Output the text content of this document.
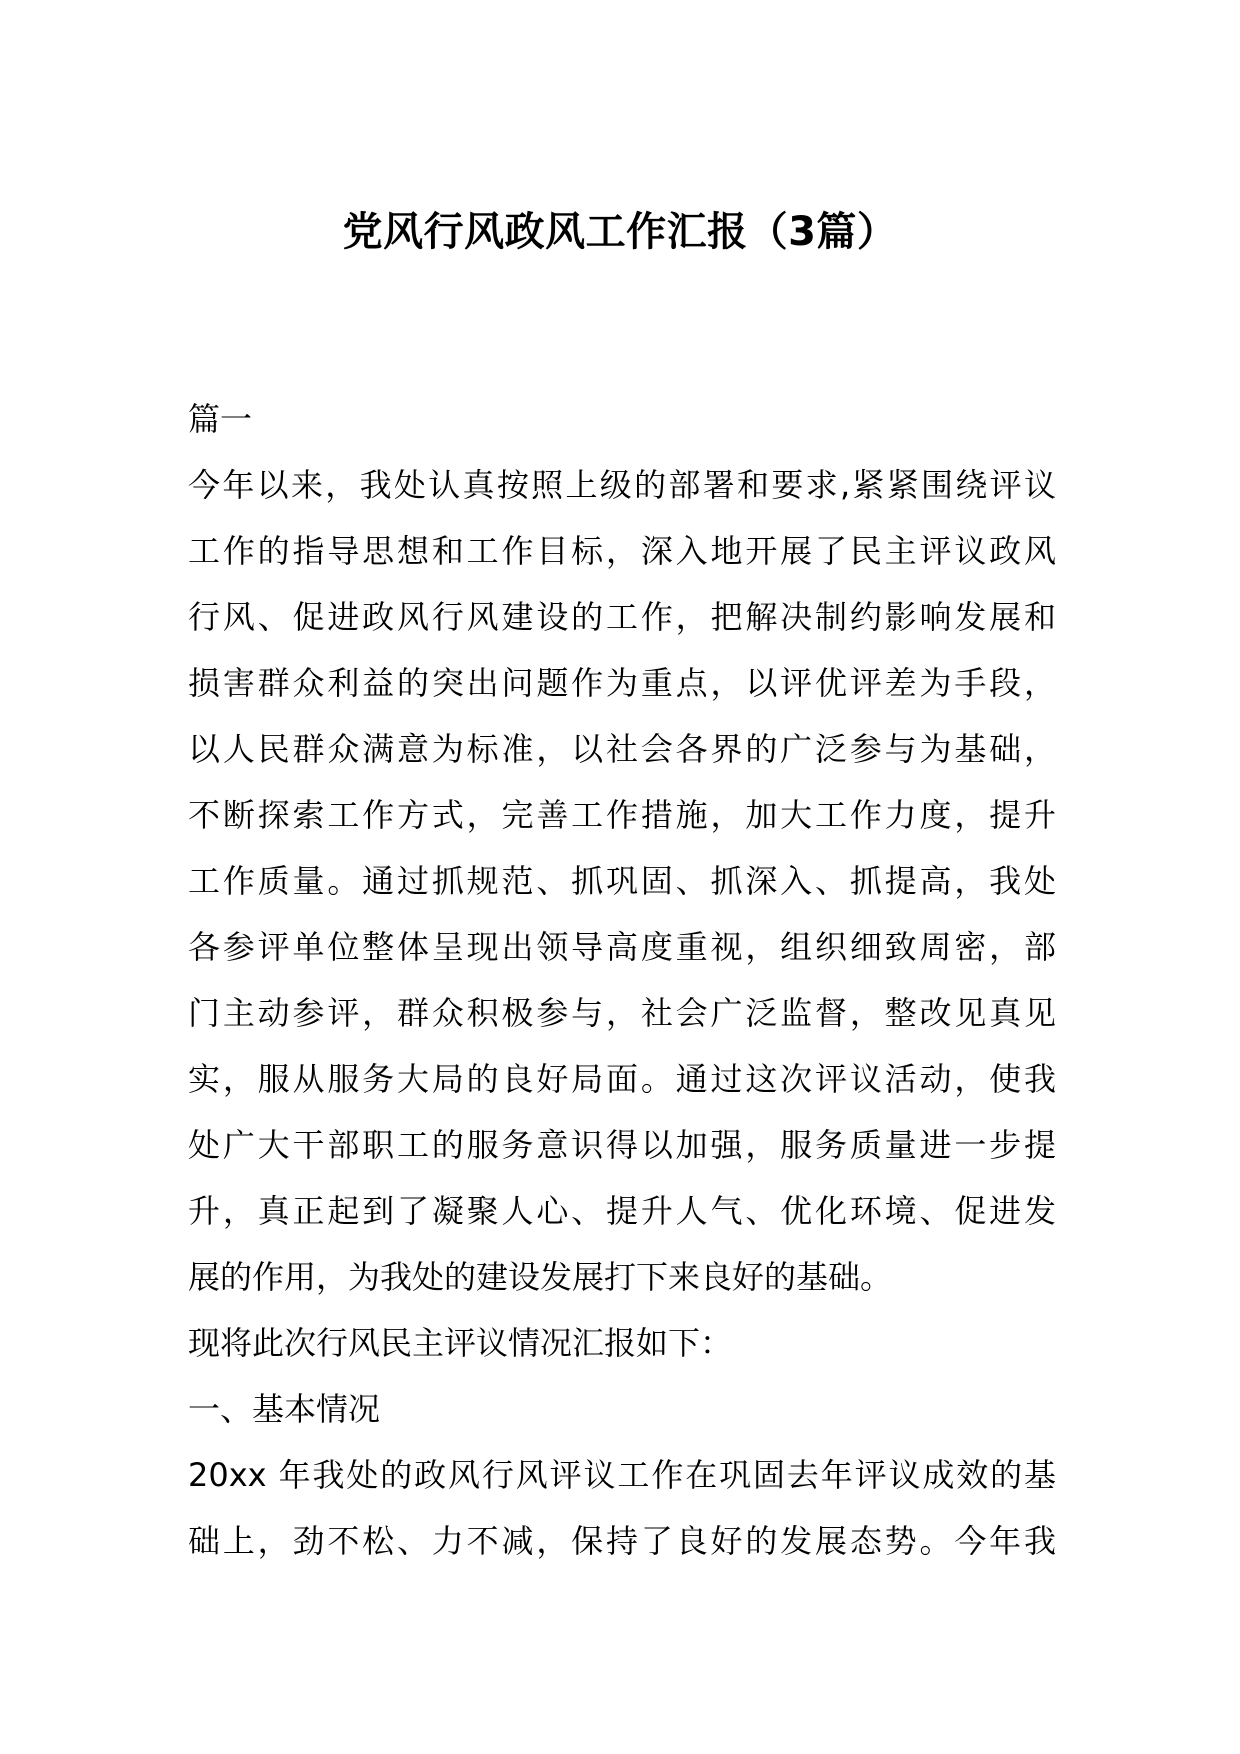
党风行风政风工作汇报（3篇）
篇一
今年以来，我处认真按照上级的部署和要求,紧紧围绕评议
工作的指导思想和工作目标，深入地开展了民主评议政风
行风、促进政风行风建设的工作，把解决制约影响发展和
损害群众利益的突出问题作为重点，以评优评差为手段，
以人民群众满意为标准，以社会各界的广泛参与为基础，
不断探索工作方式，完善工作措施，加大工作力度，提升
工作质量。通过抓规范、抓巩固、抓深入、抓提高，我处
各参评单位整体呈现出领导高度重视，组织细致周密，部
门主动参评，群众积极参与，社会广泛监督，整改见真见
实，服从服务大局的良好局面。通过这次评议活动，使我
处广大干部职工的服务意识得以加强，服务质量进一步提
升，真正起到了凝聚人心、提升人气、优化环境、促进发
展的作用，为我处的建设发展打下来良好的基础。
现将此次行风民主评议情况汇报如下：
一、基本情况
20xx 年我处的政风行风评议工作在巩固去年评议成效的基
础上，劲不松、力不减，保持了良好的发展态势。今年我
